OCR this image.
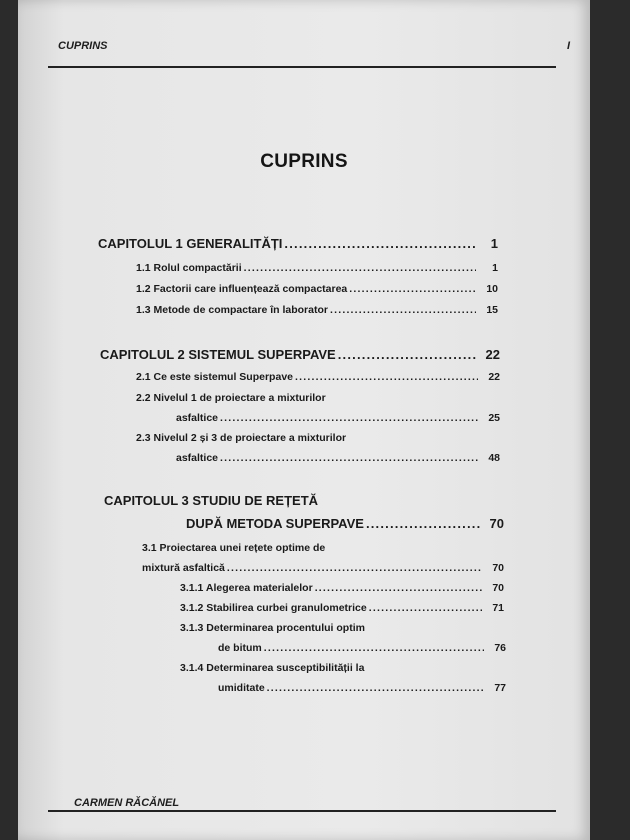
CUPRINS	I
CUPRINS
CAPITOLUL 1 GENERALITĂȚI .....	1
1.1 Rolul compactării .....	1
1.2 Factorii care influențează compactarea .....	10
1.3 Metode de compactare în laborator .....	15
CAPITOLUL 2 SISTEMUL SUPERPAVE .....	22
2.1 Ce este sistemul Superpave .....	22
2.2 Nivelul 1 de proiectare a mixturilor
asfaltice .....	25
2.3 Nivelul 2 și 3 de proiectare a mixturilor
asfaltice .....	48
CAPITOLUL 3 STUDIU DE REȚETĂ
DUPĂ METODA SUPERPAVE .....	70
3.1 Proiectarea unei rețete optime de
mixtură asfaltică .....	70
3.1.1 Alegerea materialelor .....	70
3.1.2 Stabilirea curbei granulometrice .....	71
3.1.3 Determinarea procentului optim
de bitum .....	76
3.1.4 Determinarea susceptibilității la
umiditate .....	77
CARMEN RĂCĂNEL
